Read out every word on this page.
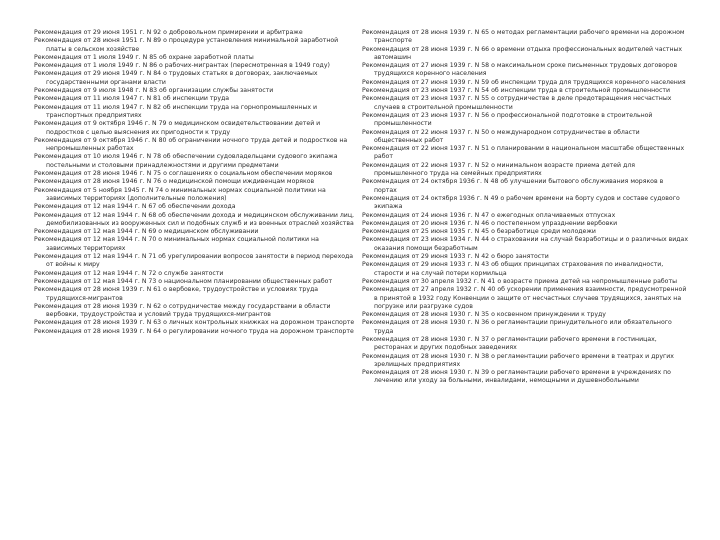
Рекомендация от 29 июня 1951 г. N 92 о добровольном примирении и арбитраже

Рекомендация от 28 июня 1951 г. N 89 о процедуре установления минимальной заработной платы в сельском хозяйстве

Рекомендация от 1 июля 1949 г. N 85 об охране заработной платы

Рекомендация от 1 июля 1949 г. N 86 о рабочих-мигрантах (пересмотренная в 1949 году)

Рекомендация от 29 июня 1949 г. N 84 о трудовых статьях в договорах, заключаемых государственными органами власти

Рекомендация от 9 июля 1948 г. N 83 об организации службы занятости

Рекомендация от 11 июля 1947 г. N 81 об инспекции труда

Рекомендация от 11 июля 1947 г. N 82 об инспекции труда на горнопромышленных и транспортных предприятиях

Рекомендация от 9 октября 1946 г. N 79 о медицинском освидетельствовании детей и подростков с целью выяснения их пригодности к труду

Рекомендация от 9 октября 1946 г. N 80 об ограничении ночного труда детей и подростков на непромышленных работах

Рекомендация от 10 июля 1946 г. N 78 об обеспечении судовладельцами судового экипажа постельными и столовыми принадлежностями и другими предметами

Рекомендация от 28 июня 1946 г. N 75 о соглашениях о социальном обеспечении моряков

Рекомендация от 28 июня 1946 г. N 76 о медицинской помощи иждивенцам моряков

Рекомендация от 5 ноября 1945 г. N 74 о минимальных нормах социальной политики на зависимых территориях (дополнительные положения)

Рекомендация от 12 мая 1944 г. N 67 об обеспечении дохода

Рекомендация от 12 мая 1944 г. N 68 об обеспечении дохода и медицинском обслуживании лиц, демобилизованных из вооруженных сил и подобных служб и из военных отраслей хозяйства

Рекомендация от 12 мая 1944 г. N 69 о медицинском обслуживании

Рекомендация от 12 мая 1944 г. N 70 о минимальных нормах социальной политики на зависимых территориях

Рекомендация от 12 мая 1944 г. N 71 об урегулировании вопросов занятости в период перехода от войны к миру

Рекомендация от 12 мая 1944 г. N 72 о службе занятости

Рекомендация от 12 мая 1944 г. N 73 о национальном планировании общественных работ

Рекомендация от 28 июня 1939 г. N 61 о вербовке, трудоустройстве и условиях труда трудящихся-мигрантов

Рекомендация от 28 июня 1939 г. N 62 о сотрудничестве между государствами в области вербовки, трудоустройства и условий труда трудящихся-мигрантов

Рекомендация от 28 июня 1939 г. N 63 о личных контрольных книжках на дорожном транспорте

Рекомендация от 28 июня 1939 г. N 64 о регулировании ночного труда на дорожном транспорте

Рекомендация от 28 июня 1939 г. N 65 о методах регламентации рабочего времени на дорожном транспорте

Рекомендация от 28 июня 1939 г. N 66 о времени отдыха профессиональных водителей частных автомашин

Рекомендация от 27 июня 1939 г. N 58 о максимальном сроке письменных трудовых договоров трудящихся коренного населения

Рекомендация от 27 июня 1939 г. N 59 об инспекции труда для трудящихся коренного населения

Рекомендация от 23 июня 1937 г. N 54 об инспекции труда в строительной промышленности

Рекомендация от 23 июня 1937 г. N 55 о сотрудничестве в деле предотвращения несчастных случаев в строительной промышленности

Рекомендация от 23 июня 1937 г. N 56 о профессиональной подготовке в строительной промышленности

Рекомендация от 22 июня 1937 г. N 50 о международном сотрудничестве в области общественных работ

Рекомендация от 22 июня 1937 г. N 51 о планировании в национальном масштабе общественных работ

Рекомендация от 22 июня 1937 г. N 52 о минимальном возрасте приема детей для промышленного труда на семейных предприятиях

Рекомендация от 24 октября 1936 г. N 48 об улучшении бытового обслуживания моряков в портах

Рекомендация от 24 октября 1936 г. N 49 о рабочем времени на борту судов и составе судового экипажа

Рекомендация от 24 июня 1936 г. N 47 о ежегодных оплачиваемых отпусках

Рекомендация от 20 июня 1936 г. N 46 о постепенном упразднении вербовки

Рекомендация от 25 июня 1935 г. N 45 о безработице среди молодежи

Рекомендация от 23 июня 1934 г. N 44 о страховании на случай безработицы и о различных видах оказания помощи безработным

Рекомендация от 29 июня 1933 г. N 42 о бюро занятости

Рекомендация от 29 июня 1933 г. N 43 об общих принципах страхования по инвалидности, старости и на случай потери кормильца

Рекомендация от 30 апреля 1932 г. N 41 о возрасте приема детей на непромышленные работы

Рекомендация от 27 апреля 1932 г. N 40 об ускорении применения взаимности, предусмотренной в принятой в 1932 году Конвенции о защите от несчастных случаев трудящихся, занятых на погрузке или разгрузке судов

Рекомендация от 28 июня 1930 г. N 35 о косвенном принуждении к труду

Рекомендация от 28 июня 1930 г. N 36 о регламентации принудительного или обязательного труда

Рекомендация от 28 июня 1930 г. N 37 о регламентации рабочего времени в гостиницах, ресторанах и других подобных заведениях

Рекомендация от 28 июня 1930 г. N 38 о регламентации рабочего времени в театрах и других зрелищных предприятиях

Рекомендация от 28 июня 1930 г. N 39 о регламентации рабочего времени в учреждениях по лечению или уходу за больными, инвалидами, немощными и душевнобольными
